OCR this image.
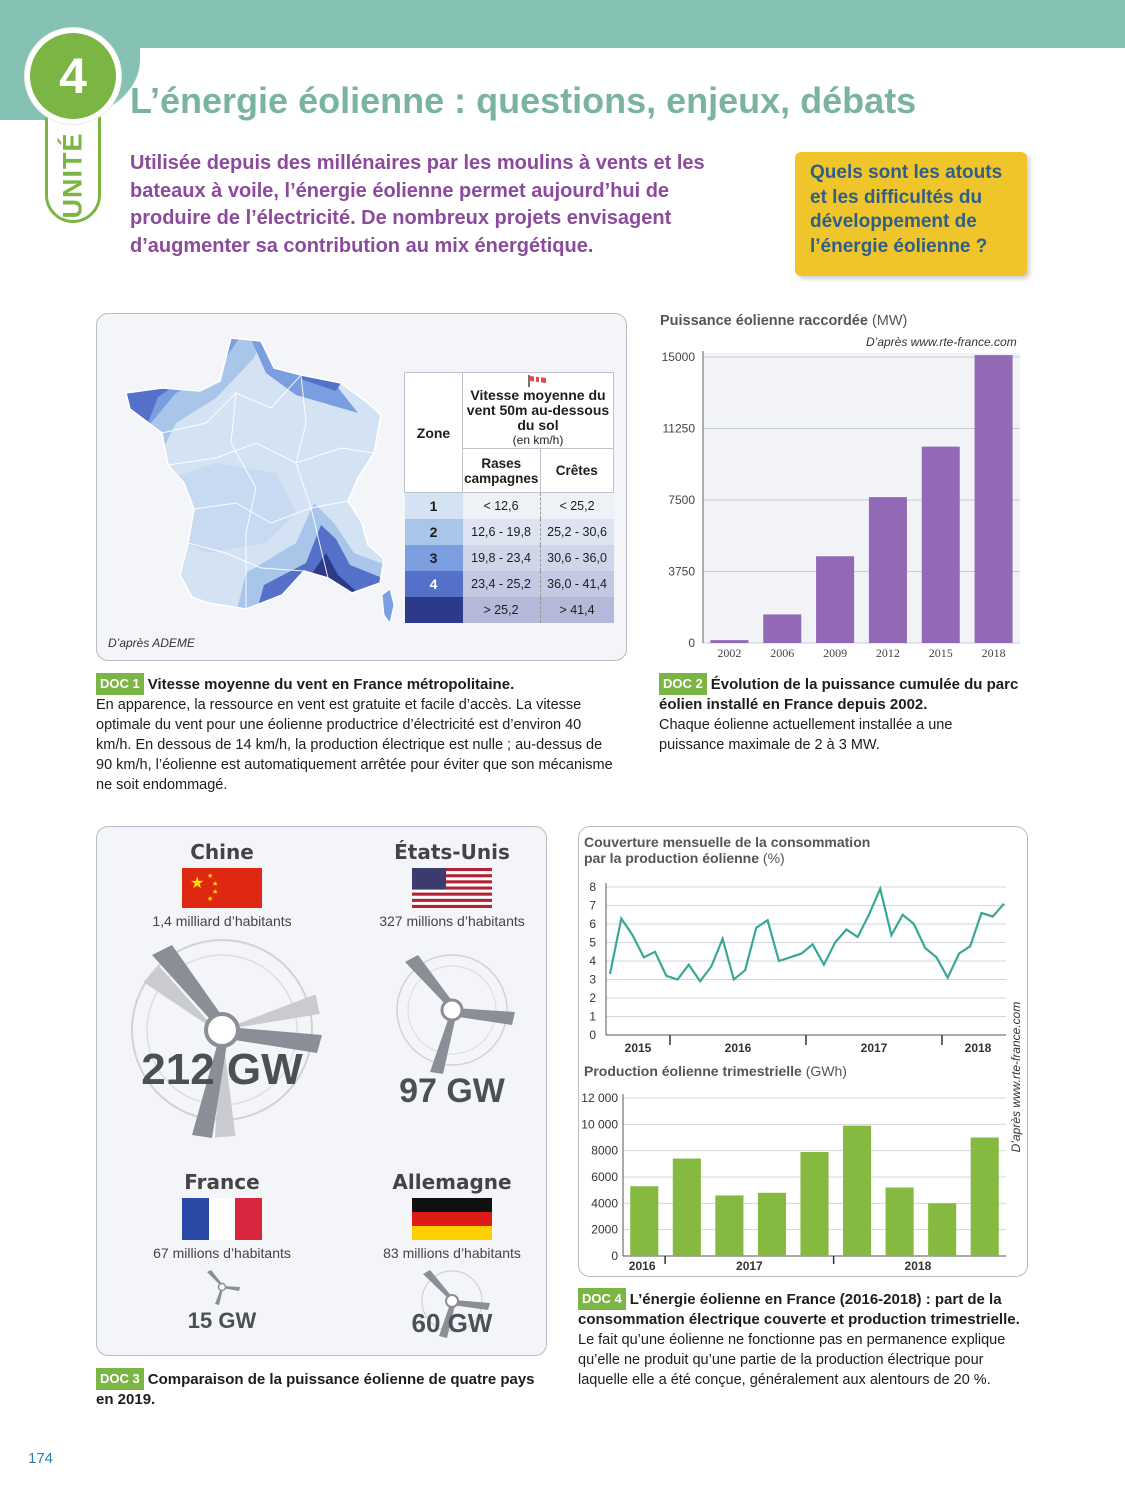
4
UNITÉ
L’énergie éolienne : questions, enjeux, débats
Utilisée depuis des millénaires par les moulins à vents et les bateaux à voile, l’énergie éolienne permet aujourd’hui de produire de l’électricité. De nombreux projets envisagent d’augmenter sa contribution au mix énergétique.
Quels sont les atouts et les difficultés du développement de l’énergie éolienne ?
D’après ADEME
Zone	Vitesse moyenne du vent 50m au-dessous du sol
(en km/h)	

	Rases campagnes	Crêtes
1	< 12,6	< 25,2
2	12,6 - 19,8	25,2 - 30,6
3	19,8 - 23,4	30,6 - 36,0
4	23,4 - 25,2	36,0 - 41,4
5	> 25,2	> 41,4
DOC 1 Vitesse moyenne du vent en France métropolitaine.
En apparence, la ressource en vent est gratuite et facile d’accès. La vitesse optimale du vent pour une éolienne productrice d’électricité est d’environ 40 km/h. En dessous de 14 km/h, la production électrique est nulle ; au-dessus de 90 km/h, l’éolienne est automatiquement arrêtée pour éviter que son mécanisme ne soit endommagé.
Puissance éolienne raccordée (MW)
D’après www.rte-france.com
0
3750
7500
11250
15000
2002 2006 2009 2012 2015 2018
DOC 2 Évolution de la puissance cumulée du parc éolien installé en France depuis 2002.
Chaque éolienne actuellement installée a une puissance maximale de 2 à 3 MW.
Chine
★ ★
★
★
★
1,4 milliard d’habitants
États-Unis
327 millions d’habitants
France
67 millions d’habitants
Allemagne
83 millions d’habitants
212 GW	97 GW
15 GW	60 GW
DOC 3 Comparaison de la puissance éolienne de quatre pays en 2019.
Couverture mensuelle de la consommation par la production éolienne (%)
0
1
2
3
4
5
6
7
8
2015	2016	2017	2018
Production éolienne trimestrielle (GWh)
0
2000
4000
6000
8000
10 000
12 000
2016	2017	2018
D’après www.rte-france.com
DOC 4 L’énergie éolienne en France (2016-2018) : part de la consommation électrique couverte et production trimestrielle. Le fait qu’une éolienne ne fonctionne pas en permanence explique qu’elle ne produit qu’une partie de la production électrique pour laquelle elle a été conçue, généralement aux alentours de 20 %.
174
